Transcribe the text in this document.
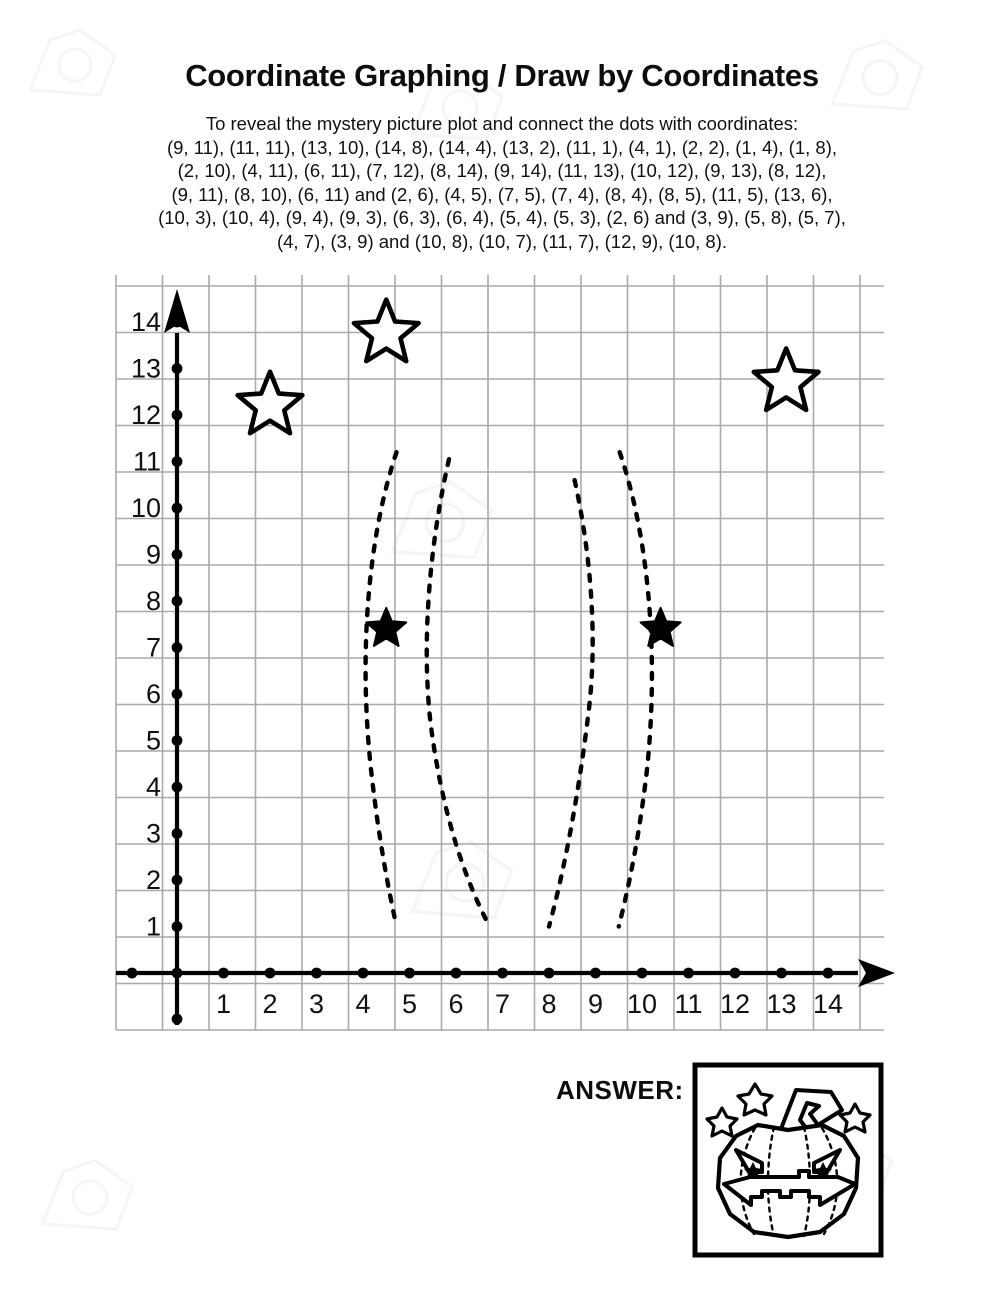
Coordinate Graphing / Draw by Coordinates
To reveal the mystery picture plot and connect the dots with coordinates:
(9, 11), (11, 11), (13, 10), (14, 8), (14, 4), (13, 2), (11, 1), (4, 1), (2, 2), (1, 4), (1, 8),
(2, 10), (4, 11), (6, 11), (7, 12), (8, 14), (9, 14), (11, 13), (10, 12), (9, 13), (8, 12),
(9, 11), (8, 10), (6, 11) and (2, 6), (4, 5), (7, 5), (7, 4), (8, 4), (8, 5), (11, 5), (13, 6),
(10, 3), (10, 4), (9, 4), (9, 3), (6, 3), (6, 4), (5, 4), (5, 3), (2, 6) and (3, 9), (5, 8), (5, 7),
(4, 7), (3, 9) and (10, 8), (10, 7), (11, 7), (12, 9), (10, 8).
1 2 3 4 5 6 7 8 9 10 11 12 13 14
1
2
3
4
5
6
7
8
9
10
11
12
13
14
ANSWER:
